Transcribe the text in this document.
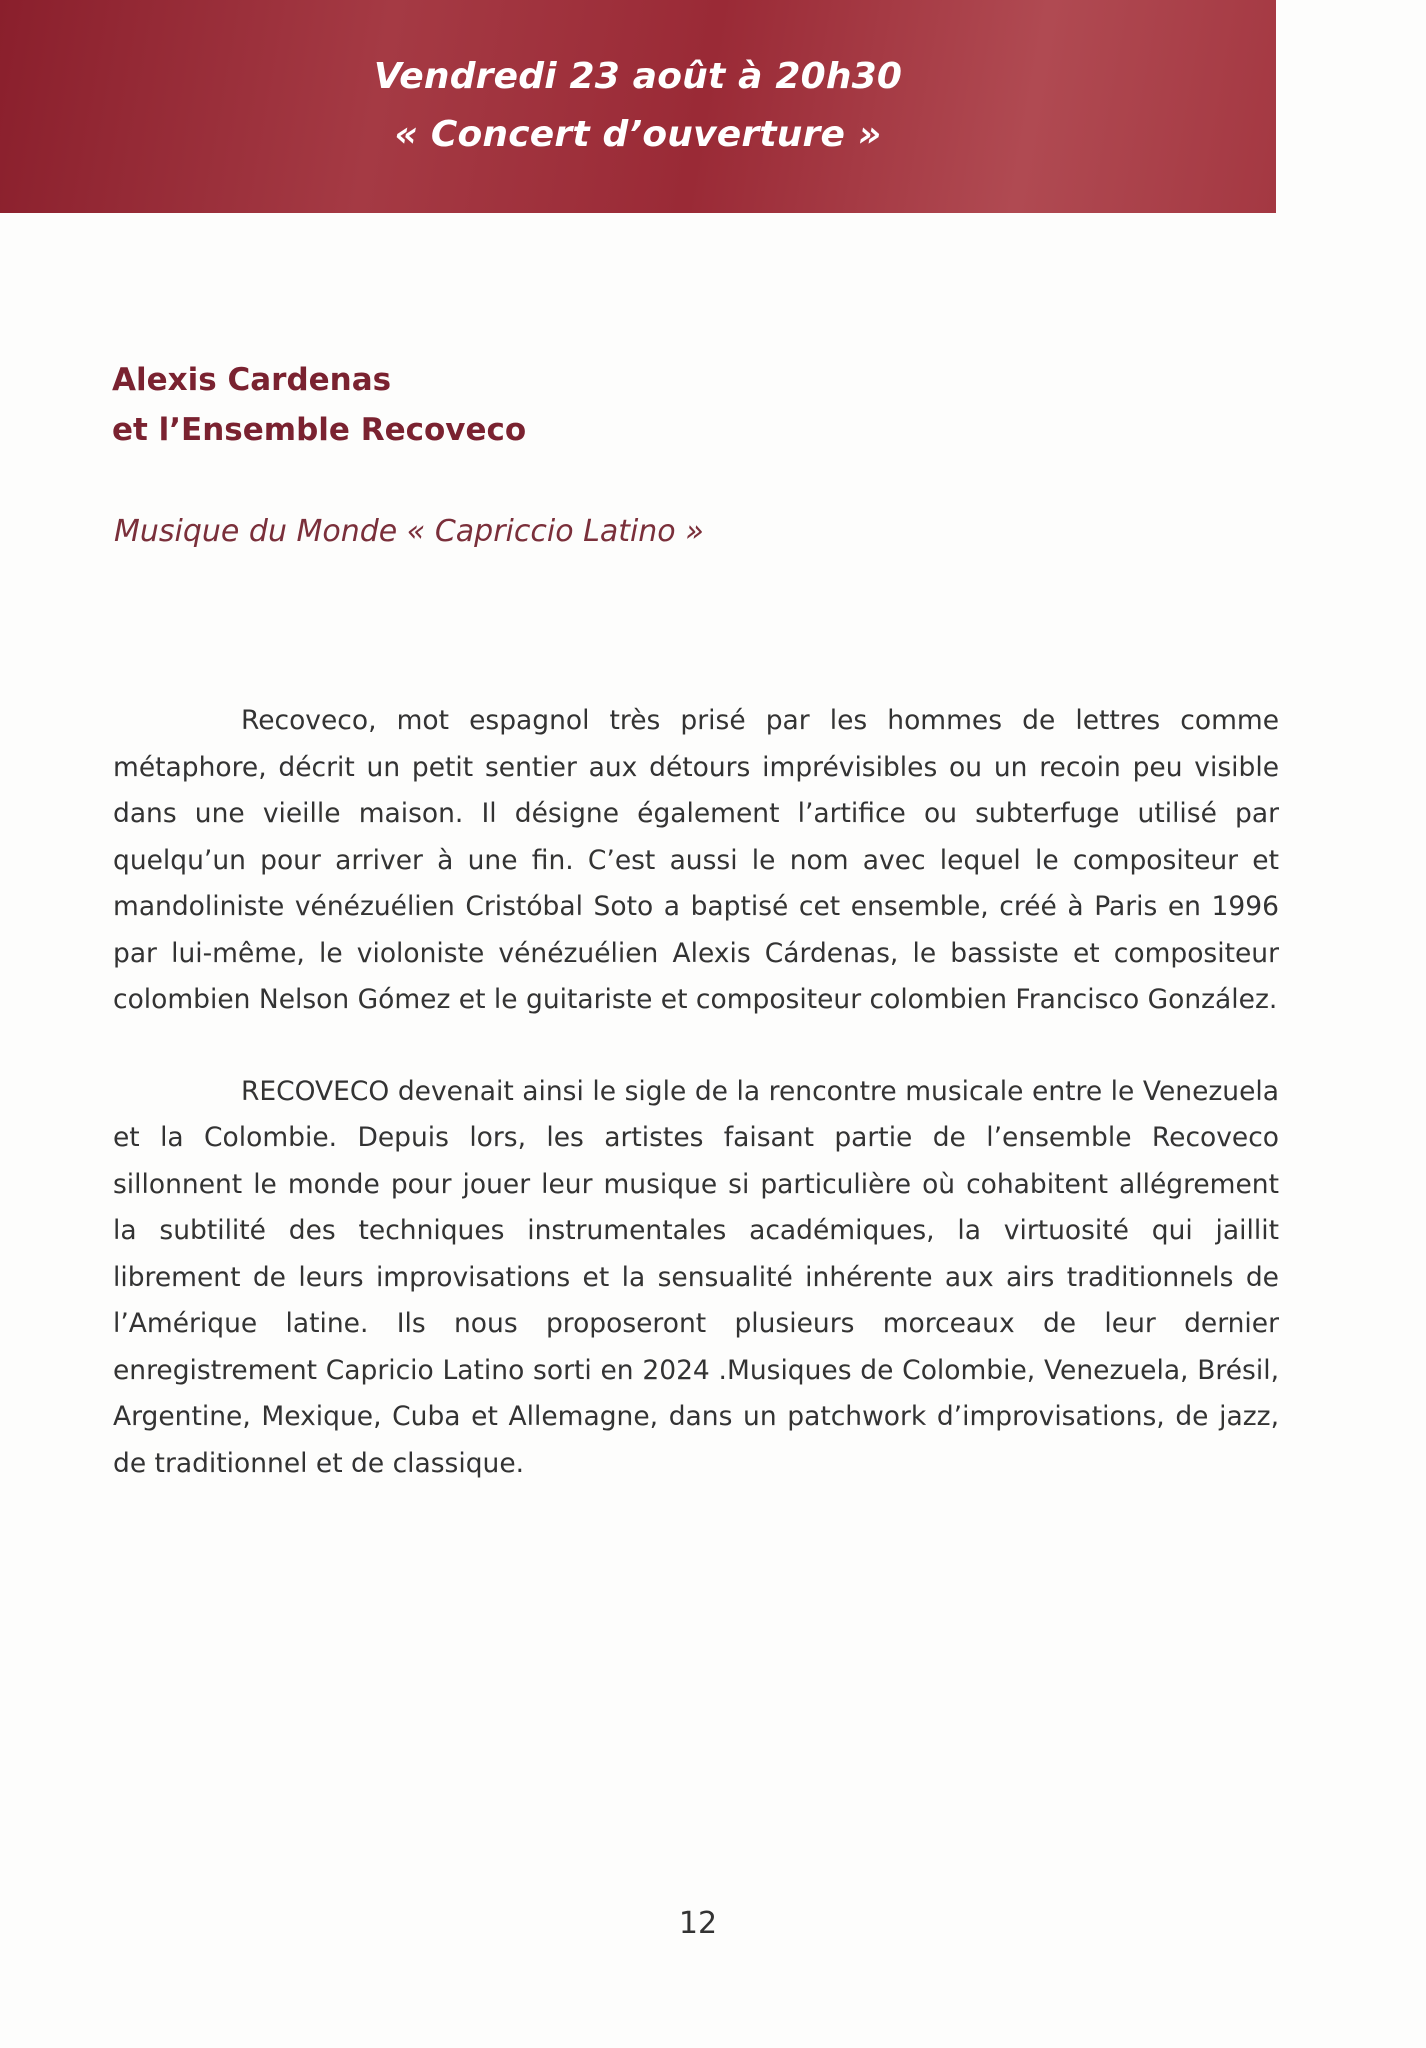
Vendredi 23 août à 20h30
« Concert d’ouverture »
Alexis Cardenas
et l’Ensemble Recoveco
Musique du Monde « Capriccio Latino »

Recoveco, mot espagnol très prisé par les hommes de lettres comme métaphore, décrit un petit sentier aux détours imprévisibles ou un recoin peu visible dans une vieille maison. Il désigne également l’artifice ou subterfuge utilisé par quelqu’un pour arriver à une fin. C’est aussi le nom avec lequel le compositeur et mandoliniste vénézuélien Cristóbal Soto a baptisé cet ensemble, créé à Paris en 1996 par lui-même, le violoniste vénézuélien Alexis Cárdenas, le bassiste et compositeur colombien Nelson Gómez et le guitariste et compositeur colombien Francisco González.

RECOVECO devenait ainsi le sigle de la rencontre musicale entre le Venezuela et la Colombie. Depuis lors, les artistes faisant partie de l’ensemble Recoveco sillonnent le monde pour jouer leur musique si particulière où cohabitent allégrement la subtilité des techniques instrumentales académiques, la virtuosité qui jaillit librement de leurs improvisations et la sensualité inhérente aux airs traditionnels de l’Amérique latine. Ils nous proposeront plusieurs morceaux de leur dernier enregistrement Capricio Latino sorti en 2024 .Musiques de Colombie, Venezuela, Brésil, Argentine, Mexique, Cuba et Allemagne, dans un patchwork d’improvisations, de jazz, de traditionnel et de classique.

12
